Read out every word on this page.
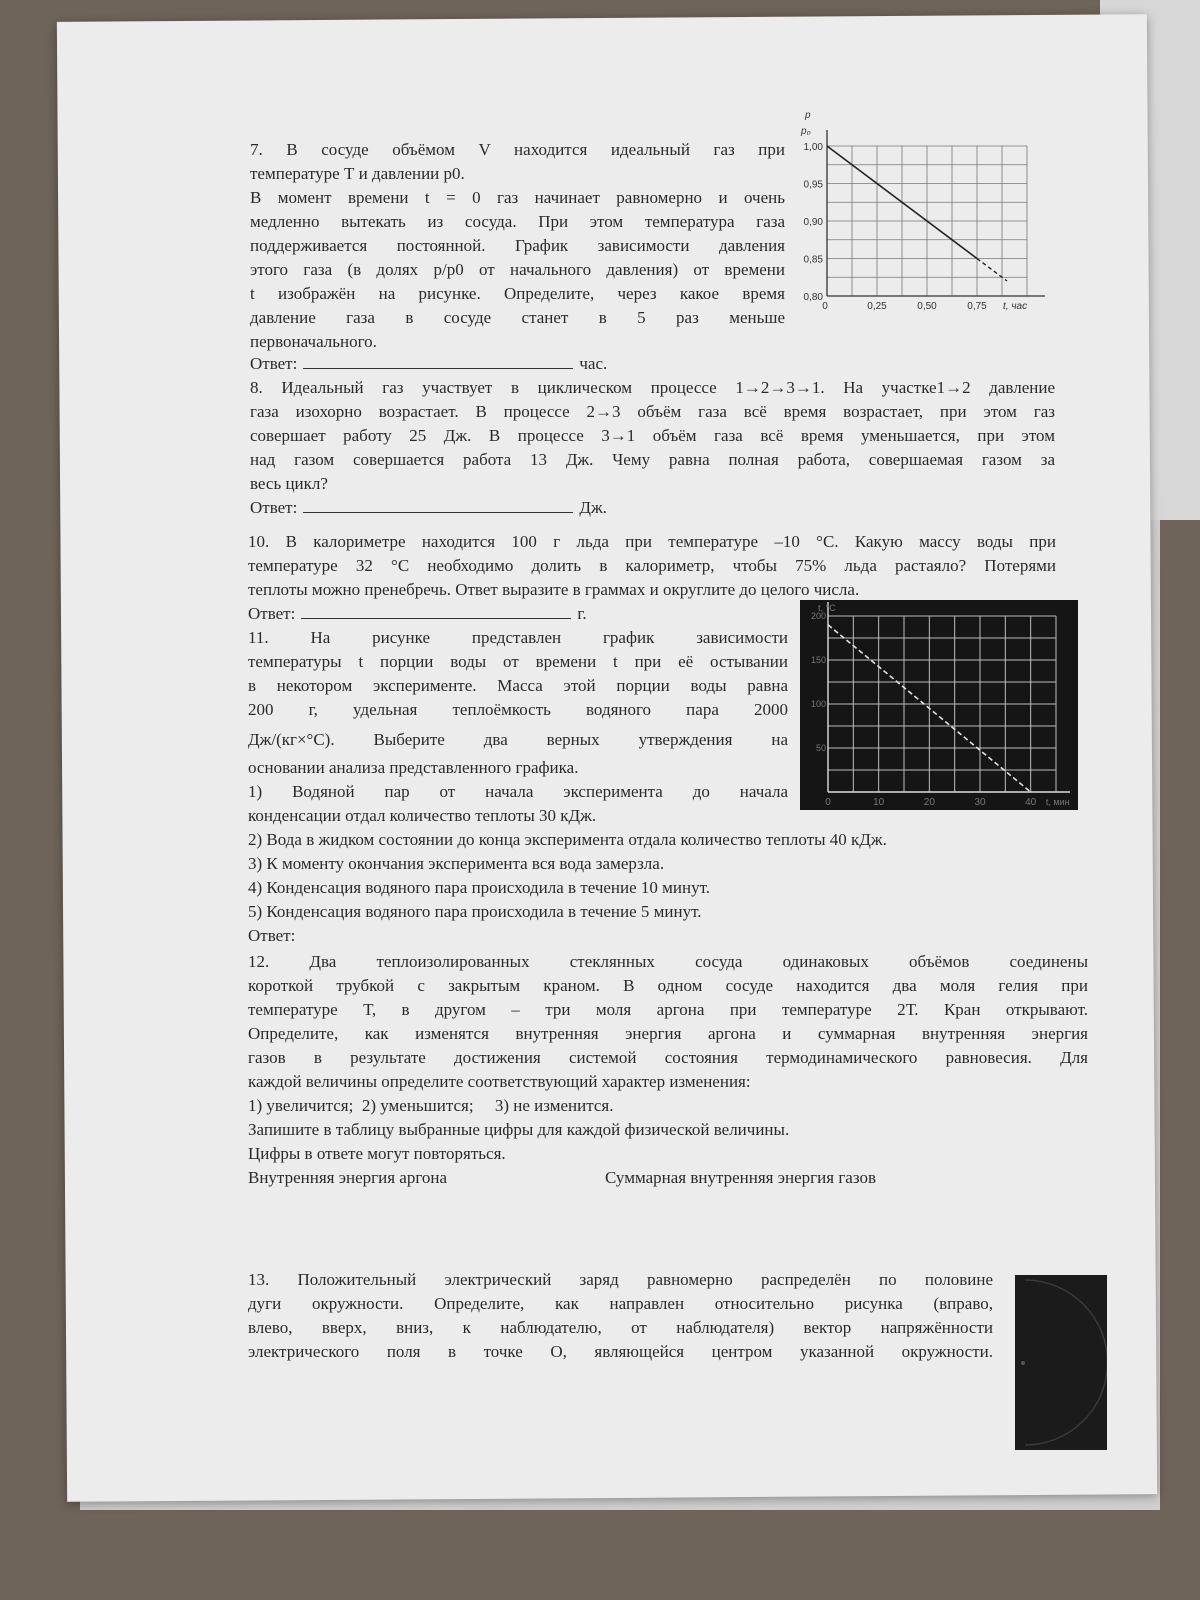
7. В сосуде объёмом V находится идеальный газ при
температуре Т и давлении р0.
В момент времени t = 0 газ начинает равномерно и очень
медленно вытекать из сосуда. При этом температура газа
поддерживается постоянной. График зависимости давления
этого газа (в долях р/р0 от начального давления) от времени
t изображён на рисунке. Определите, через какое время
давление газа в сосуде станет в 5 раз меньше
первоначального.
Ответ:	час.
p
p₀
1,00
0,95
0,90
0,85
0,80
0	0,25	0,50	0,75 t, час
8. Идеальный газ участвует в циклическом процессе 1→2→3→1. На участке1→2 давление
газа изохорно возрастает. В процессе 2→3 объём газа всё время возрастает, при этом газ
совершает работу 25 Дж. В процессе 3→1 объём газа всё время уменьшается, при этом
над газом совершается работа 13 Дж. Чему равна полная работа, совершаемая газом за
весь цикл?
Ответ:	Дж.
10. В калориметре находится 100 г льда при температуре –10 °С. Какую массу воды при
температуре 32 °С необходимо долить в калориметр, чтобы 75% льда растаяло? Потерями
теплоты можно пренебречь. Ответ выразите в граммах и округлите до целого числа.
Ответ:	г.	t, °С
200
150
100
50
0	10	20	30	40 t, мин
11. На рисунке представлен график зависимости
температуры t порции воды от времени t при её остывании
в некотором эксперименте. Масса этой порции воды равна
200 г, удельная теплоёмкость водяного пара 2000
Дж/(кг×°С). Выберите два верных утверждения на
основании анализа представленного графика.
1) Водяной пар от начала эксперимента до начала
конденсации отдал количество теплоты 30 кДж.
2) Вода в жидком состоянии до конца эксперимента отдала количество теплоты 40 кДж.
3) К моменту окончания эксперимента вся вода замерзла.
4) Конденсация водяного пара происходила в течение 10 минут.
5) Конденсация водяного пара происходила в течение 5 минут.
Ответ:
12. Два теплоизолированных стеклянных сосуда одинаковых объёмов соединены
короткой трубкой с закрытым краном. В одном сосуде находится два моля гелия при
температуре Т, в другом – три моля аргона при температуре 2Т. Кран открывают.
Определите, как изменятся внутренняя энергия аргона и суммарная внутренняя энергия
газов в результате достижения системой состояния термодинамического равновесия. Для
каждой величины определите соответствующий характер изменения:
1) увеличится; 2) уменьшится; 3) не изменится.
Запишите в таблицу выбранные цифры для каждой физической величины.
Цифры в ответе могут повторяться.
Внутренняя энергия аргона	Суммарная внутренняя энергия газов
13. Положительный электрический заряд равномерно распределён по половине
дуги окружности. Определите, как направлен относительно рисунка (вправо,
влево, вверх, вниз, к наблюдателю, от наблюдателя) вектор напряжённости
электрического поля в точке О, являющейся центром указанной окружности.
